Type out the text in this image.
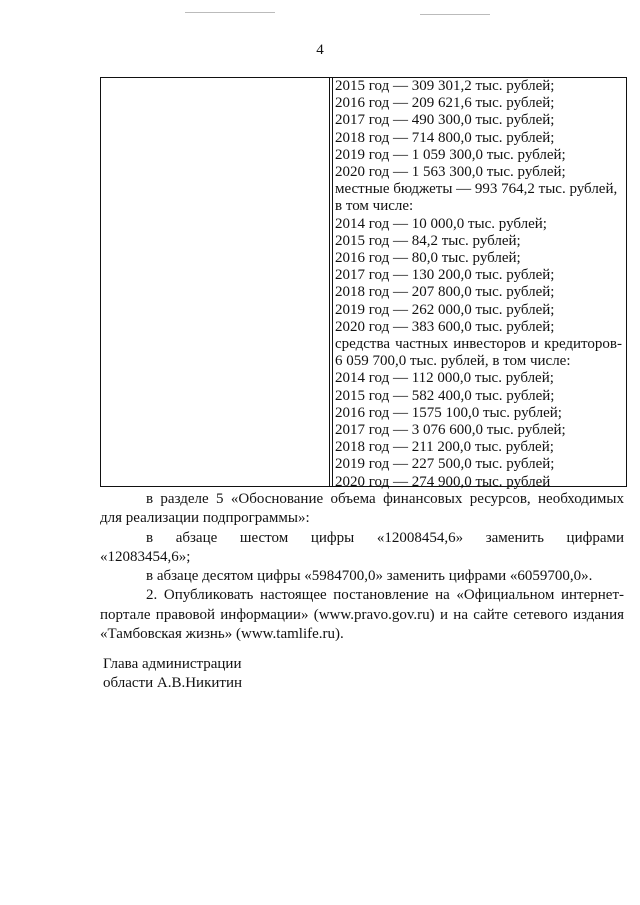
4
2015 год — 309 301,2 тыс. рублей;
2016 год — 209 621,6 тыс. рублей;
2017 год — 490 300,0 тыс. рублей;
2018 год — 714 800,0 тыс. рублей;
2019 год — 1 059 300,0 тыс. рублей;
2020 год — 1 563 300,0 тыс. рублей;
местные бюджеты — 993 764,2 тыс. рублей,
в том числе:
2014 год — 10 000,0 тыс. рублей;
2015 год — 84,2 тыс. рублей;
2016 год — 80,0 тыс. рублей;
2017 год — 130 200,0 тыс. рублей;
2018 год — 207 800,0 тыс. рублей;
2019 год — 262 000,0 тыс. рублей;
2020 год — 383 600,0 тыс. рублей;
средства частных инвесторов и кредиторов-
6 059 700,0 тыс. рублей, в том числе:
2014 год — 112 000,0 тыс. рублей;
2015 год — 582 400,0 тыс. рублей;
2016 год — 1575 100,0 тыс. рублей;
2017 год — 3 076 600,0 тыс. рублей;
2018 год — 211 200,0 тыс. рублей;
2019 год — 227 500,0 тыс. рублей;
2020 год — 274 900,0 тыс. рублей
в разделе 5 «Обоснование объема финансовых ресурсов, необходимых
для реализации подпрограммы»:
в абзаце шестом цифры «12008454,6» заменить цифрами
«12083454,6»;
в абзаце десятом цифры «5984700,0» заменить цифрами «6059700,0».
2. Опубликовать настоящее постановление на «Официальном интернет-
портале правовой информации» (www.pravo.gov.ru) и на сайте сетевого издания
«Тамбовская жизнь» (www.tamlife.ru).
Глава администрации
области А.В.Никитин
